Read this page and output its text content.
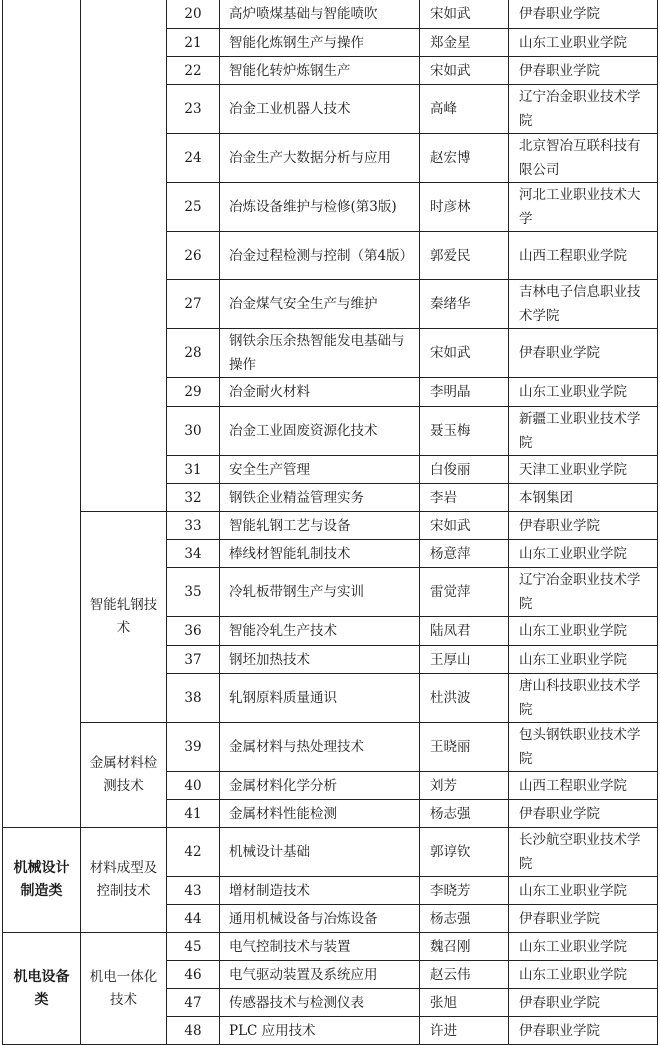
		20	高炉喷煤基础与智能喷吹	宋如武	伊春职业学院
		21	智能化炼钢生产与操作	郑金星	山东工业职业学院
		22	智能化转炉炼钢生产	宋如武	伊春职业学院
		23	冶金工业机器人技术	高峰	辽宁冶金职业技术学院
		24	冶金生产大数据分析与应用	赵宏博	北京智冶互联科技有限公司
		25	冶炼设备维护与检修(第3版)	时彦林	河北工业职业技术大学
		26	冶金过程检测与控制（第4版）	郭爱民	山西工程职业学院
		27	冶金煤气安全生产与维护	秦绪华	吉林电子信息职业技术学院
		28	钢铁余压余热智能发电基础与操作	宋如武	伊春职业学院
		29	冶金耐火材料	李明晶	山东工业职业学院
		30	冶金工业固废资源化技术	聂玉梅	新疆工业职业技术学院
		31	安全生产管理	白俊丽	天津工业职业学院
		32	钢铁企业精益管理实务	李岩	本钢集团
	智能轧钢技术	33	智能轧钢工艺与设备	宋如武	伊春职业学院
		34	棒线材智能轧制技术	杨意萍	山东工业职业学院
		35	冷轧板带钢生产与实训	雷觉萍	辽宁冶金职业技术学院
		36	智能冷轧生产技术	陆凤君	山东工业职业学院
		37	钢坯加热技术	王厚山	山东工业职业学院
		38	轧钢原料质量通识	杜洪波	唐山科技职业技术学院
	金属材料检测技术	39	金属材料与热处理技术	王晓丽	包头钢铁职业技术学院
		40	金属材料化学分析	刘芳	山西工程职业学院
		41	金属材料性能检测	杨志强	伊春职业学院
机械设计制造类	材料成型及控制技术	42	机械设计基础	郭谆钦	长沙航空职业技术学院
		43	增材制造技术	李晓芳	山东工业职业学院
		44	通用机械设备与冶炼设备	杨志强	伊春职业学院
机电设备类	机电一体化技术	45	电气控制技术与装置	魏召刚	山东工业职业学院
		46	电气驱动装置及系统应用	赵云伟	山东工业职业学院
		47	传感器技术与检测仪表	张旭	伊春职业学院
		48	PLC 应用技术	许进	伊春职业学院
